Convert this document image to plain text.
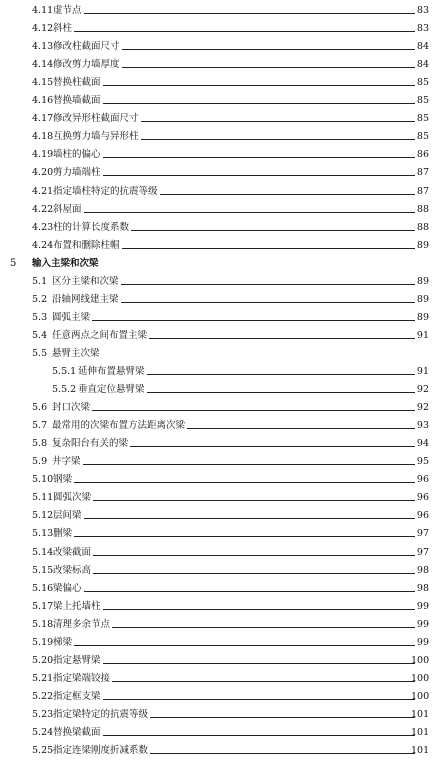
4.11 虚节点	83
4.12 斜柱	83
4.13 修改柱截面尺寸	84
4.14 修改剪力墙厚度	84
4.15 替换柱截面	85
4.16 替换墙截面	85
4.17 修改异形柱截面尺寸	85
4.18 互换剪力墙与异形柱	85
4.19 墙柱的偏心	86
4.20 剪力墙端柱	87
4.21 指定墙柱特定的抗震等级	87
4.22 斜屋面	88
4.23 柱的计算长度系数	88
4.24 布置和删除柱帽	89
5 输入主梁和次梁
5.1 区分主梁和次梁	89
5.2 沿轴网线建主梁	89
5.3 圆弧主梁	89
5.4 任意两点之间布置主梁	91
5.5 悬臂主次梁
5.5.1 延伸布置悬臂梁	91
5.5.2 垂直定位悬臂梁	92
5.6 封口次梁	92
5.7 最常用的次梁布置方法距离次梁	93
5.8 复杂阳台有关的梁	94
5.9 井字梁	95
5.10 钢梁	96
5.11 圆弧次梁	96
5.12 层间梁	96
5.13 删梁	97
5.14 改梁截面	97
5.15 改梁标高	98
5.16 梁偏心	98
5.17 梁上托墙柱	99
5.18 清理多余节点	99
5.19 梯梁	99
5.20 指定悬臂梁	100
5.21 指定梁端铰接	100
5.22 指定框支梁	100
5.23 指定梁特定的抗震等级	101
5.24 替换梁截面	101
5.25 指定连梁刚度折减系数	101
